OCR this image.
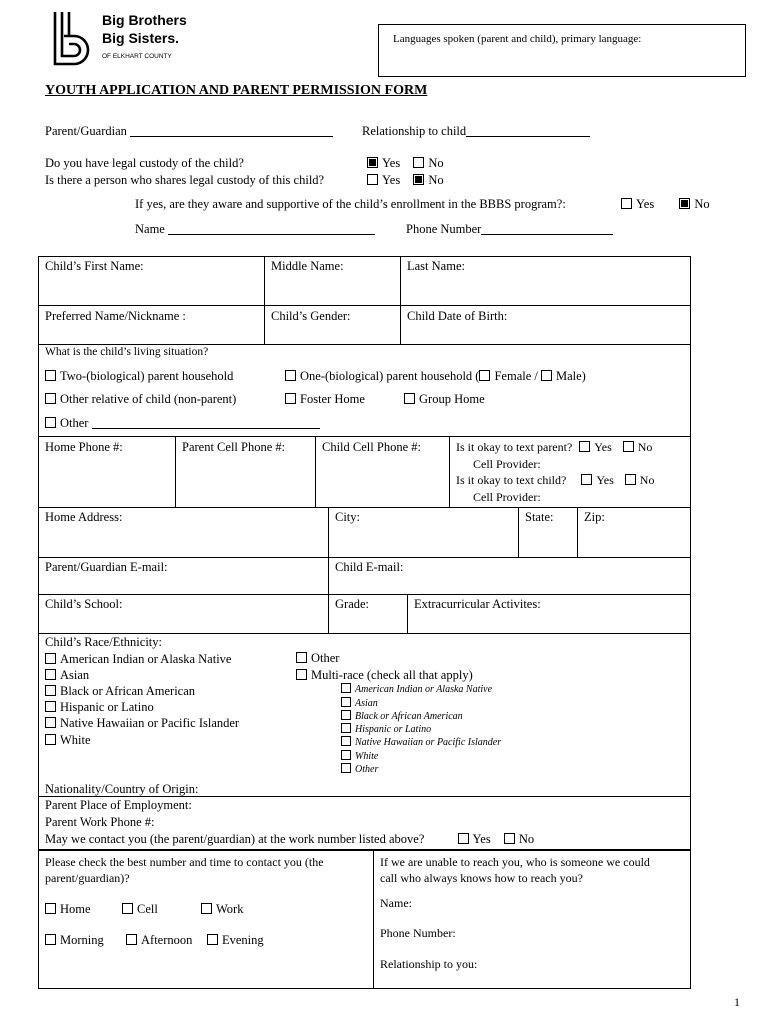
Big Brothers
Big Sisters.
OF ELKHART COUNTY
Languages spoken (parent and child), primary language:
YOUTH APPLICATION AND PARENT PERMISSION FORM
Parent/Guardian	Relationship to child
Do you have legal custody of the child?	Yes No
Is there a person who shares legal custody of this child?	Yes No
If yes, are they aware and supportive of the child’s enrollment in the BBBS program?:	Yes	No
Name	Phone Number
Child’s First Name:	Middle Name:	Last Name:
Preferred Name/Nickname :	Child’s Gender:	Child Date of Birth:
What is the child’s living situation?
Two-(biological) parent household	One-(biological) parent household ( Female / Male)
Other relative of child (non-parent)	Foster Home	Group Home
Other
Home Phone #:	Parent Cell Phone #:	Child Cell Phone #:	Is it okay to text parent? Yes No
Cell Provider:
Is it okay to text child?	Yes No
Cell Provider:
Home Address:	City:	State: Zip:
Parent/Guardian E-mail:	Child E-mail:
Child’s School:	Grade:	Extracurricular Activites:
Child’s Race/Ethnicity:
American Indian or Alaska Native
Asian
Black or African American
Hispanic or Latino
Native Hawaiian or Pacific Islander
White
Other
Multi-race (check all that apply)
American Indian or Alaska Native
Asian
Black or African American
Hispanic or Latino
Native Hawaiian or Pacific Islander
White
Other
Nationality/Country of Origin:
Parent Place of Employment:
Parent Work Phone #:
May we contact you (the parent/guardian) at the work number listed above?	Yes No
Please check the best number and time to contact you (the
parent/guardian)?
Home	Cell	Work
Morning	Afternoon Evening
If we are unable to reach you, who is someone we could
call who always knows how to reach you?
Name:
Phone Number:
Relationship to you:
1
